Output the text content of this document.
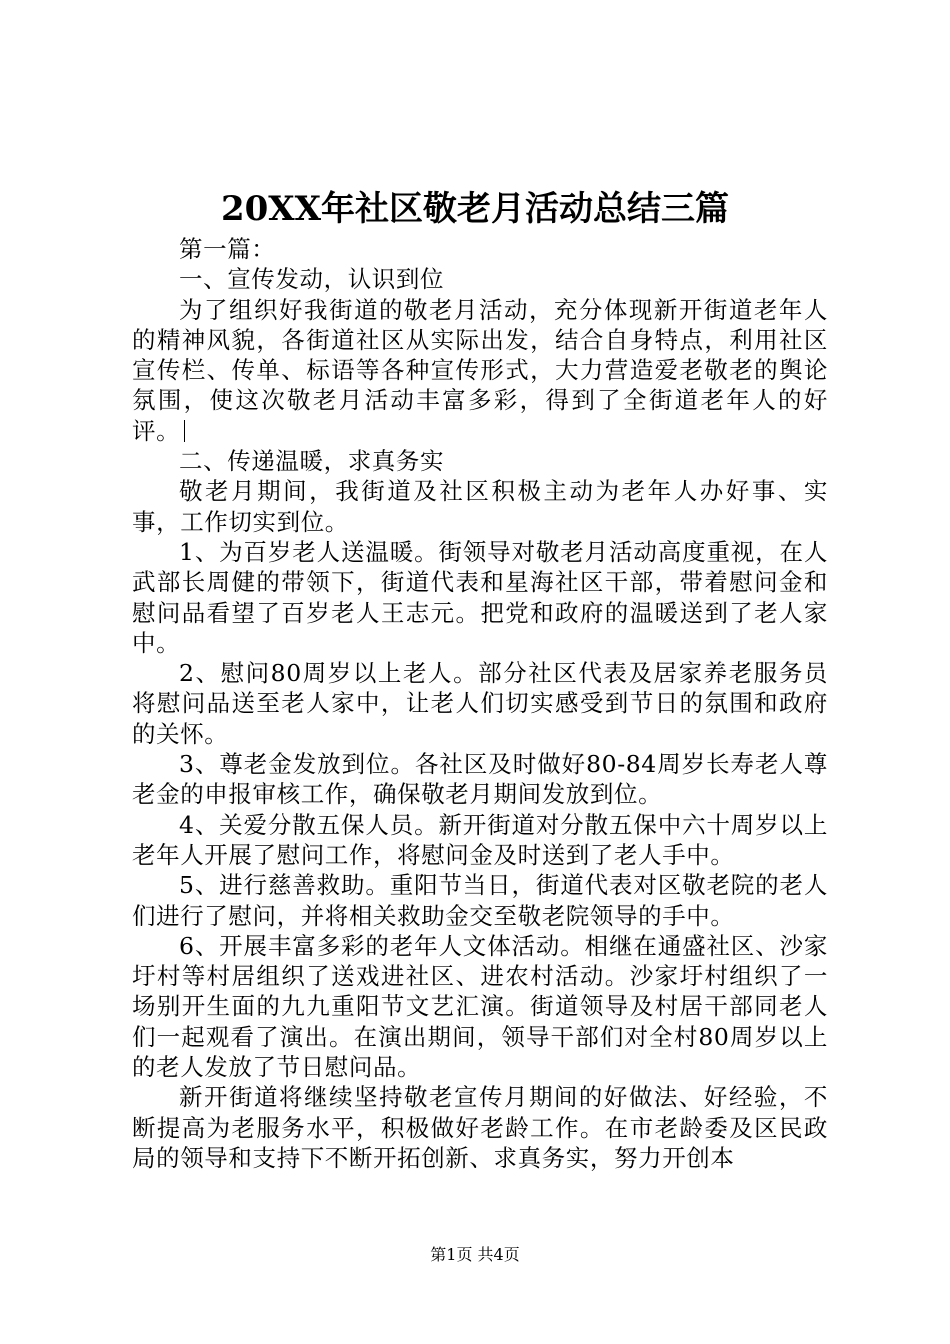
20XX年社区敬老月活动总结三篇

第一篇：

一、宣传发动，认识到位

为了组织好我街道的敬老月活动，充分体现新开街道老年人的精神风貌，各街道社区从实际出发，结合自身特点，利用社区宣传栏、传单、标语等各种宣传形式，大力营造爱老敬老的舆论氛围，使这次敬老月活动丰富多彩，得到了全街道老年人的好评。

二、传递温暖，求真务实

敬老月期间，我街道及社区积极主动为老年人办好事、实事，工作切实到位。

1、为百岁老人送温暖。街领导对敬老月活动高度重视，在人武部长周健的带领下，街道代表和星海社区干部，带着慰问金和慰问品看望了百岁老人王志元。把党和政府的温暖送到了老人家中。

2、慰问80周岁以上老人。部分社区代表及居家养老服务员将慰问品送至老人家中，让老人们切实感受到节日的氛围和政府的关怀。

3、尊老金发放到位。各社区及时做好80-84周岁长寿老人尊老金的申报审核工作，确保敬老月期间发放到位。

4、关爱分散五保人员。新开街道对分散五保中六十周岁以上老年人开展了慰问工作，将慰问金及时送到了老人手中。

5、进行慈善救助。重阳节当日，街道代表对区敬老院的老人们进行了慰问，并将相关救助金交至敬老院领导的手中。

6、开展丰富多彩的老年人文体活动。相继在通盛社区、沙家圩村等村居组织了送戏进社区、进农村活动。沙家圩村组织了一场别开生面的九九重阳节文艺汇演。街道领导及村居干部同老人们一起观看了演出。在演出期间，领导干部们对全村80周岁以上的老人发放了节日慰问品。

新开街道将继续坚持敬老宣传月期间的好做法、好经验，不断提高为老服务水平，积极做好老龄工作。在市老龄委及区民政局的领导和支持下不断开拓创新、求真务实，努力开创本

第1页 共4页
